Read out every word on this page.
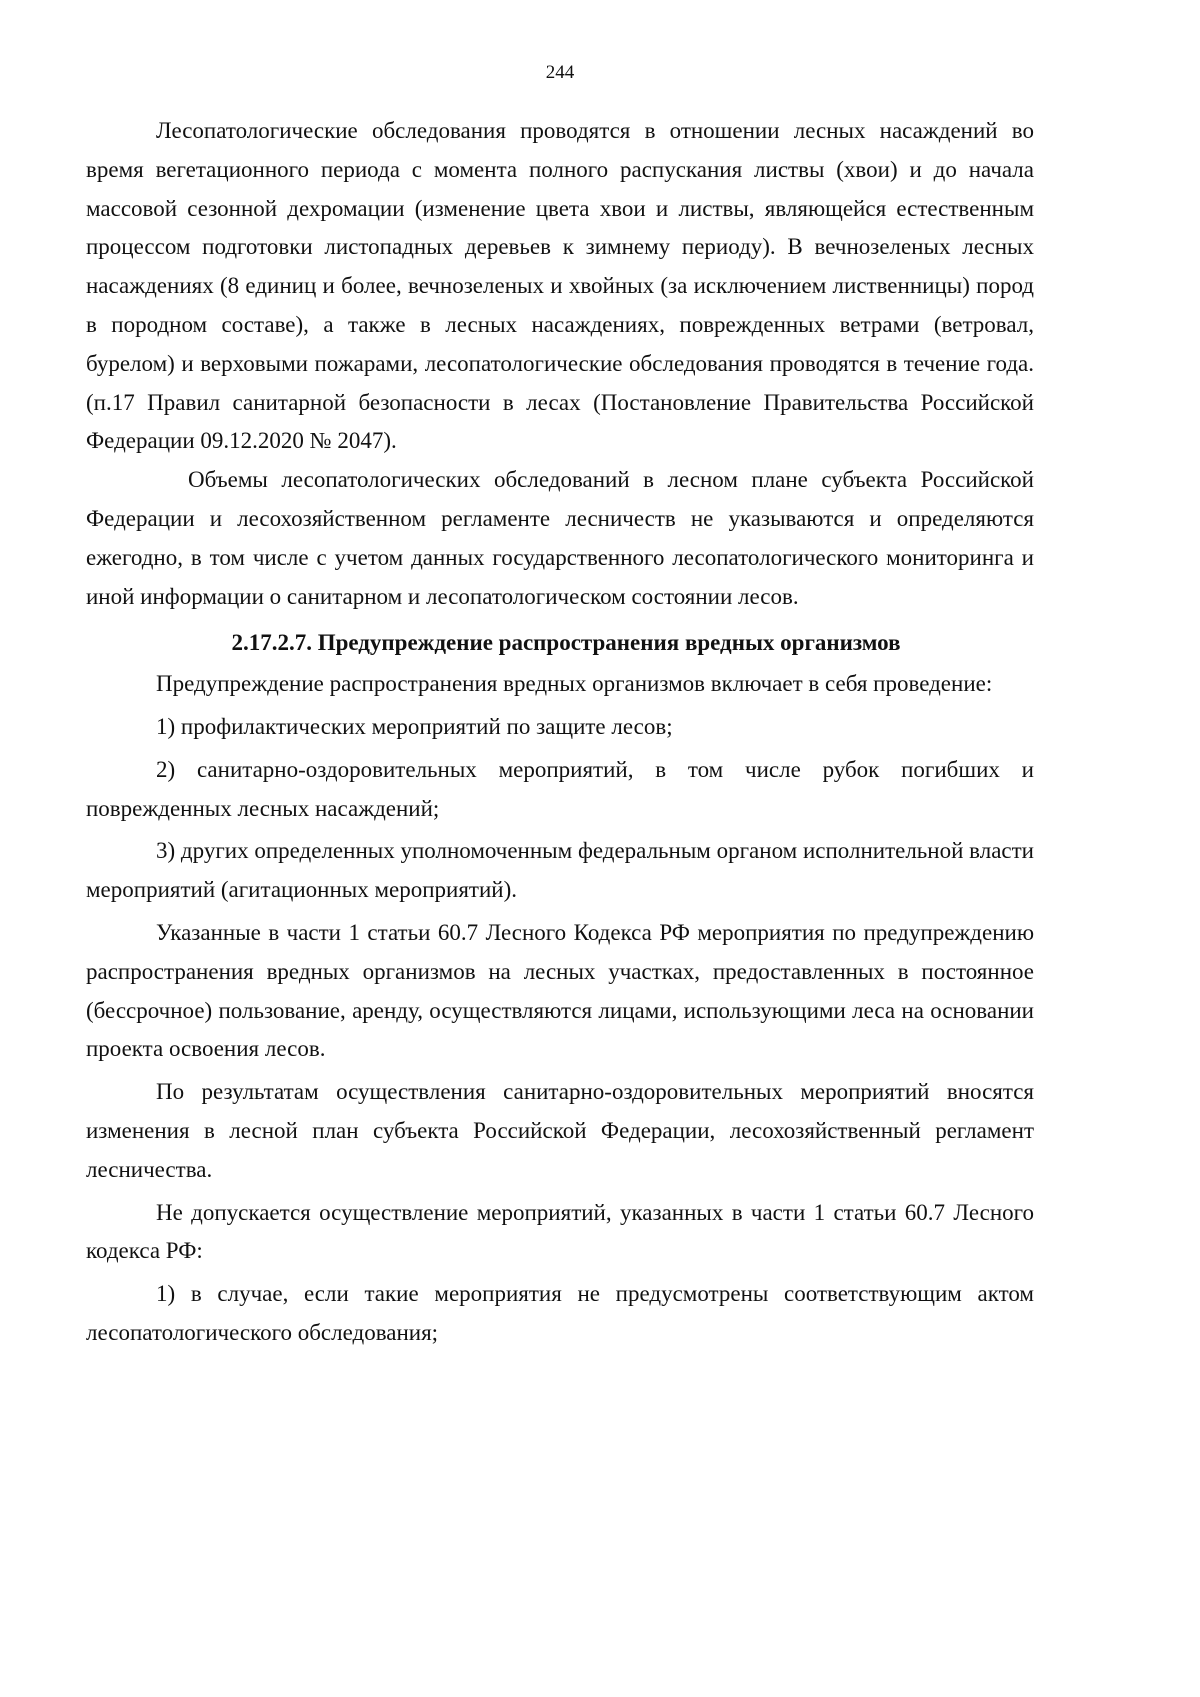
244

Лесопатологические обследования проводятся в отношении лесных насаждений во время вегетационного периода с момента полного распускания листвы (хвои) и до начала массовой сезонной дехромации (изменение цвета хвои и листвы, являющейся естественным процессом подготовки листопадных деревьев к зимнему периоду). В вечнозеленых лесных насаждениях (8 единиц и более, вечнозеленых и хвойных (за исключением лиственницы) пород в породном составе), а также в лесных насаждениях, поврежденных ветрами (ветровал, бурелом) и верховыми пожарами, лесопатологические обследования проводятся в течение года. (п.17 Правил санитарной безопасности в лесах (Постановление Правительства Российской Федерации 09.12.2020 № 2047).

Объемы лесопатологических обследований в лесном плане субъекта Российской Федерации и лесохозяйственном регламенте лесничеств не указываются и определяются ежегодно, в том числе с учетом данных государственного лесопатологического мониторинга и иной информации о санитарном и лесопатологическом состоянии лесов.

2.17.2.7. Предупреждение распространения вредных организмов

Предупреждение распространения вредных организмов включает в себя проведение:

1) профилактических мероприятий по защите лесов;

2) санитарно-оздоровительных мероприятий, в том числе рубок погибших и поврежденных лесных насаждений;

3) других определенных уполномоченным федеральным органом исполнительной власти мероприятий (агитационных мероприятий).

Указанные в части 1 статьи 60.7 Лесного Кодекса РФ мероприятия по предупреждению распространения вредных организмов на лесных участках, предоставленных в постоянное (бессрочное) пользование, аренду, осуществляются лицами, использующими леса на основании проекта освоения лесов.

По результатам осуществления санитарно-оздоровительных мероприятий вносятся изменения в лесной план субъекта Российской Федерации, лесохозяйственный регламент лесничества.

Не допускается осуществление мероприятий, указанных в части 1 статьи 60.7 Лесного кодекса РФ:

1) в случае, если такие мероприятия не предусмотрены соответствующим актом лесопатологического обследования;
